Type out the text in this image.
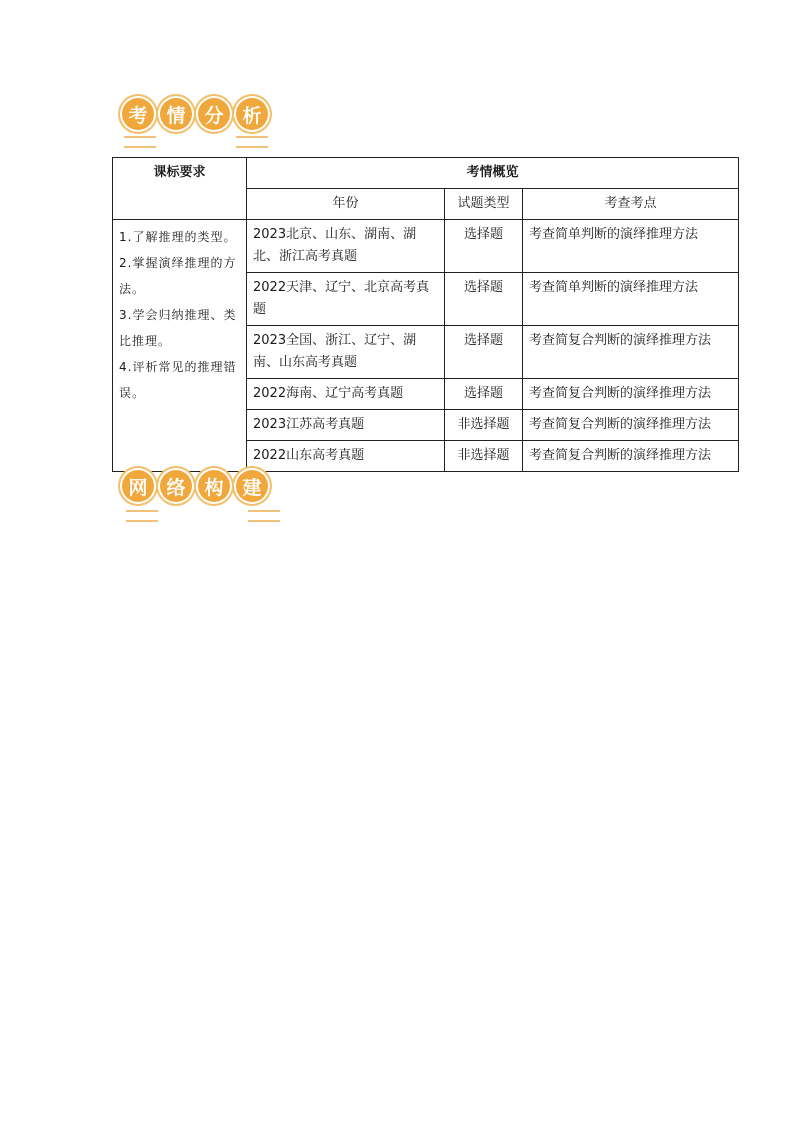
考 情 分 析
课标要求	考情概览		
	年份	试题类型	考查考点

1.了解推理的类型。
2.掌握演绎推理的方法。
3.学会归纳推理、类比推理。
4.评析常见的推理错误。	2023北京、山东、湖南、湖北、浙江高考真题	选择题	考查简单判断的演绎推理方法
	2022天津、辽宁、北京高考真题	选择题	考查简单判断的演绎推理方法
	2023全国、浙江、辽宁、湖南、山东高考真题	选择题	考查简复合判断的演绎推理方法
	2022海南、辽宁高考真题	选择题	考查简复合判断的演绎推理方法
	2023江苏高考真题	非选择题	考查简复合判断的演绎推理方法
	2022山东高考真题	非选择题	考查简复合判断的演绎推理方法
网 络 构 建
